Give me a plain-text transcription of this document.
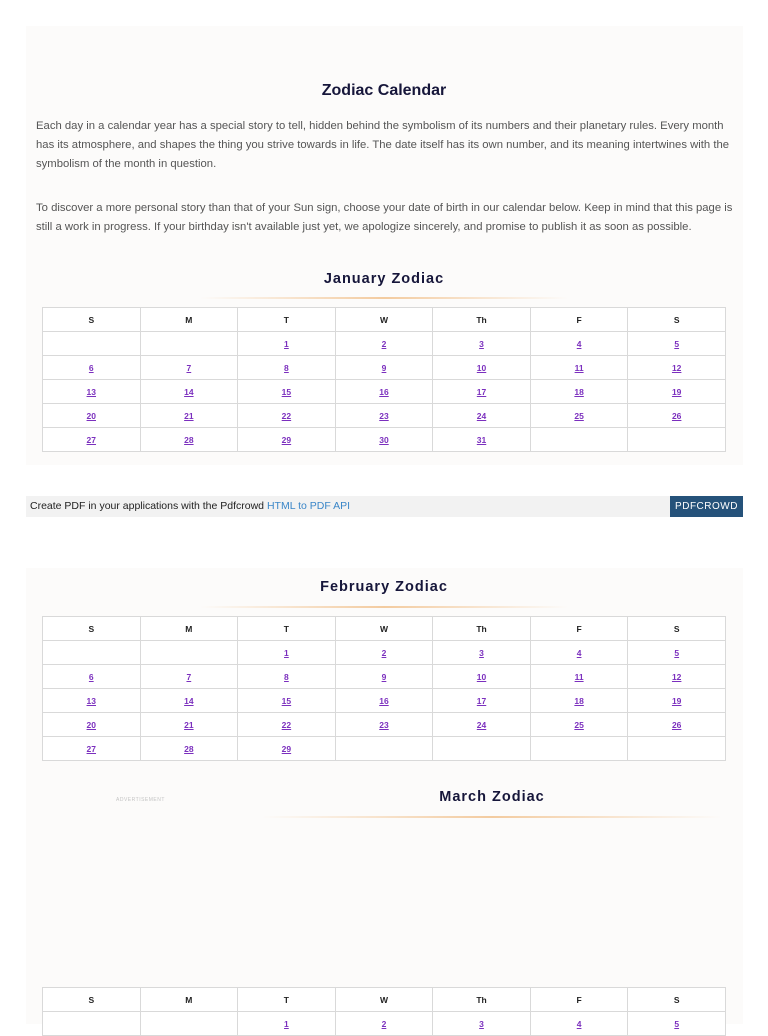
Zodiac Calendar

Each day in a calendar year has a special story to tell, hidden behind the symbolism of its numbers and their planetary rules. Every month has its atmosphere, and shapes the thing you strive towards in life. The date itself has its own number, and its meaning intertwines with the symbolism of the month in question.

To discover a more personal story than that of your Sun sign, choose your date of birth in our calendar below. Keep in mind that this page is still a work in progress. If your birthday isn't available just yet, we apologize sincerely, and promise to publish it as soon as possible.

January Zodiac
S	M	T	W	Th	F	S
		1	2	3	4	5
6	7	8	9	10	11	12
13	14	15	16	17	18	19
20	21	22	23	24	25	26
27	28	29	30	31		
Create PDF in your applications with the Pdfcrowd HTML to PDF API	PDFCROWD
February Zodiac
S	M	T	W	Th	F	S
		1	2	3	4	5
6	7	8	9	10	11	12
13	14	15	16	17	18	19
20	21	22	23	24	25	26
27	28	29				
ADVERTISEMENT	March Zodiac
S	M	T	W	Th	F	S
		1	2	3	4	5
